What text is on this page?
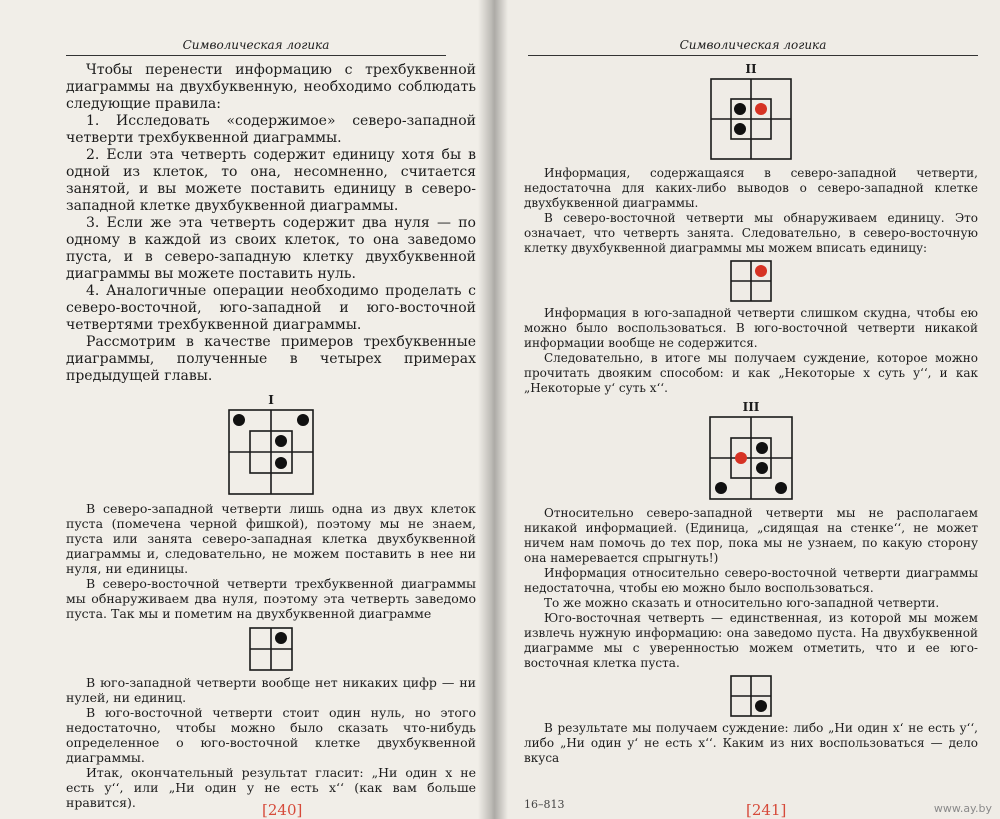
Символическая логика

Чтобы перенести информацию с трехбуквенной диаграммы на двухбуквенную, необходимо соблюдать следующие правила:

1. Исследовать «содержимое» северо-западной четверти трехбуквенной диаграммы.

2. Если эта четверть содержит единицу хотя бы в одной из клеток, то она, несомненно, считается занятой, и вы можете поставить единицу в северо-западной клетке двухбуквенной диаграммы.

3. Если же эта четверть содержит два нуля — по одному в каждой из своих клеток, то она заведомо пуста, и в северо-западную клетку двухбуквенной диаграммы вы можете поставить нуль.

4. Аналогичные операции необходимо проделать с северо-восточной, юго-западной и юго-восточной четвертями трехбуквенной диаграммы.

Рассмотрим в качестве примеров трехбуквенные диаграммы, полученные в четырех примерах предыдущей главы.

I

В северо-западной четверти лишь одна из двух клеток пуста (помечена черной фишкой), поэтому мы не знаем, пуста или занята северо-западная клетка двухбуквенной диаграммы и, следовательно, не можем поставить в нее ни нуля, ни единицы.

В северо-восточной четверти трехбуквенной диаграммы мы обнаруживаем два нуля, поэтому эта четверть заведомо пуста. Так мы и пометим на двухбуквенной диаграмме

В юго-западной четверти вообще нет никаких цифр — ни нулей, ни единиц.

В юго-восточной четверти стоит один нуль, но этого недостаточно, чтобы можно было сказать что-нибудь определенное о юго-восточной клетке двухбуквенной диаграммы.

Итак, окончательный результат гласит: „Ни один x не есть y‘‘, или „Ни один y не есть x‘‘ (как вам больше нравится).	[240]
Символическая логика
II

Информация, содержащаяся в северо-западной четверти, недостаточна для каких-либо выводов о северо-западной клетке двухбуквенной диаграммы.

В северо-восточной четверти мы обнаруживаем единицу. Это означает, что четверть занята. Следовательно, в северо-восточную клетку двухбуквенной диаграммы мы можем вписать единицу:

Информация в юго-западной четверти слишком скудна, чтобы ею можно было воспользоваться. В юго-восточной четверти никакой информации вообще не содержится.

Следовательно, в итоге мы получаем суждение, которое можно прочитать двояким способом: и как „Некоторые x суть y‘‘, и как „Некоторые y‘ суть x‘‘.

III

Относительно северо-западной четверти мы не располагаем никакой информацией. (Единица, „сидящая на стенке‘‘, не может ничем нам помочь до тех пор, пока мы не узнаем, по какую сторону она намеревается спрыгнуть!)

Информация относительно северо-восточной четверти диаграммы недостаточна, чтобы ею можно было воспользоваться.

То же можно сказать и относительно юго-западной четверти.

Юго-восточная четверть — единственная, из которой мы можем извлечь нужную информацию: она заведомо пуста. На двухбуквенной диаграмме мы с уверенностью можем отметить, что и ее юго-восточная клетка пуста.

В результате мы получаем суждение: либо „Ни один x‘ не есть y‘‘, либо „Ни один y‘ не есть x‘‘. Каким из них воспользоваться — дело вкуса

16–813	[241]	www.ay.by
